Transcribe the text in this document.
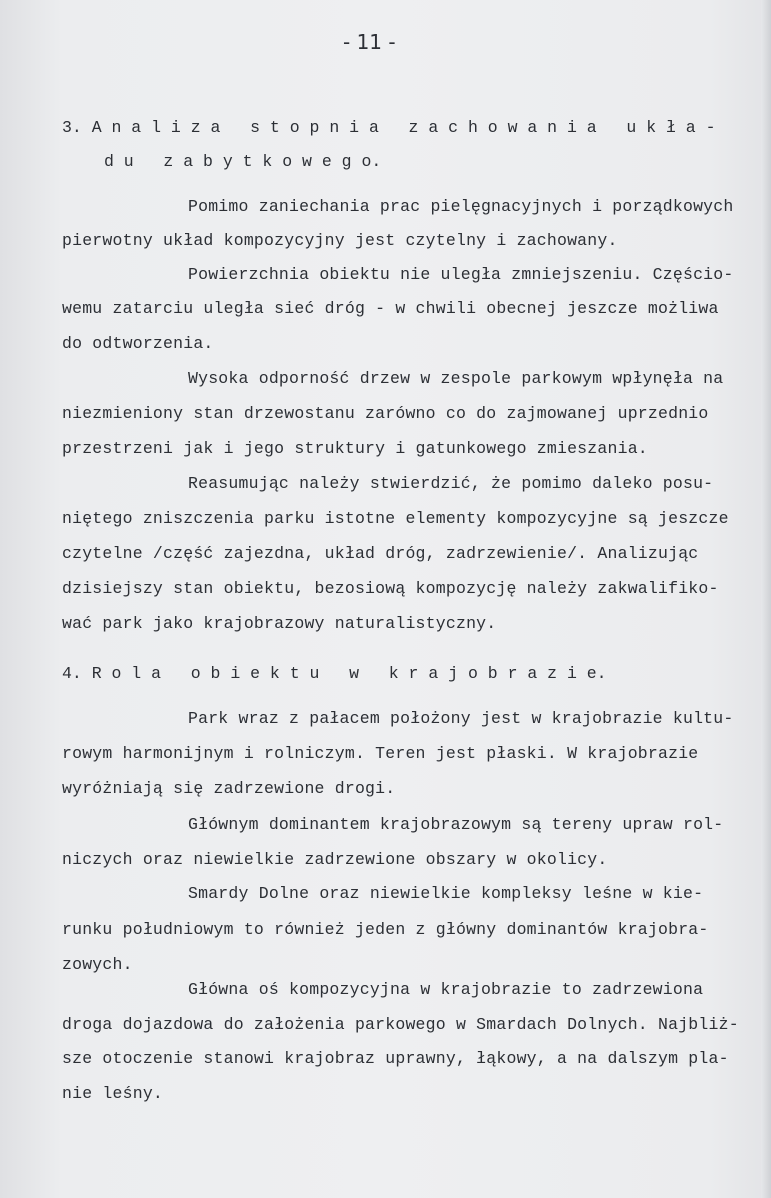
- 11 -
3. A n a l i z a   s t o p n i a   z a c h o w a n i a   u k ł a -
d u   z a b y t k o w e g o.
Pomimo zaniechania prac pielęgnacyjnych i porządkowych
pierwotny układ kompozycyjny jest czytelny i zachowany.
Powierzchnia obiektu nie uległa zmniejszeniu. Częścio-
wemu zatarciu uległa sieć dróg - w chwili obecnej jeszcze możliwa
do odtworzenia.
Wysoka odporność drzew w zespole parkowym wpłynęła na
niezmieniony stan drzewostanu zarówno co do zajmowanej uprzednio
przestrzeni jak i jego struktury i gatunkowego zmieszania.
Reasumując należy stwierdzić, że pomimo daleko posu-
niętego zniszczenia parku istotne elementy kompozycyjne są jeszcze
czytelne /część zajezdna, układ dróg, zadrzewienie/. Analizując
dzisiejszy stan obiektu, bezosiową kompozycję należy zakwalifiko-
wać park jako krajobrazowy naturalistyczny.
4. R o l a   o b i e k t u   w   k r a j o b r a z i e.
Park wraz z pałacem położony jest w krajobrazie kultu-
rowym harmonijnym i rolniczym. Teren jest płaski. W krajobrazie
wyróżniają się zadrzewione drogi.
Głównym dominantem krajobrazowym są tereny upraw rol-
niczych oraz niewielkie zadrzewione obszary w okolicy.
Smardy Dolne oraz niewielkie kompleksy leśne w kie-
runku południowym to również jeden z główny dominantów krajobra-
zowych.
Główna oś kompozycyjna w krajobrazie to zadrzewiona
droga dojazdowa do założenia parkowego w Smardach Dolnych. Najbliż-
sze otoczenie stanowi krajobraz uprawny, łąkowy, a na dalszym pla-
nie leśny.
